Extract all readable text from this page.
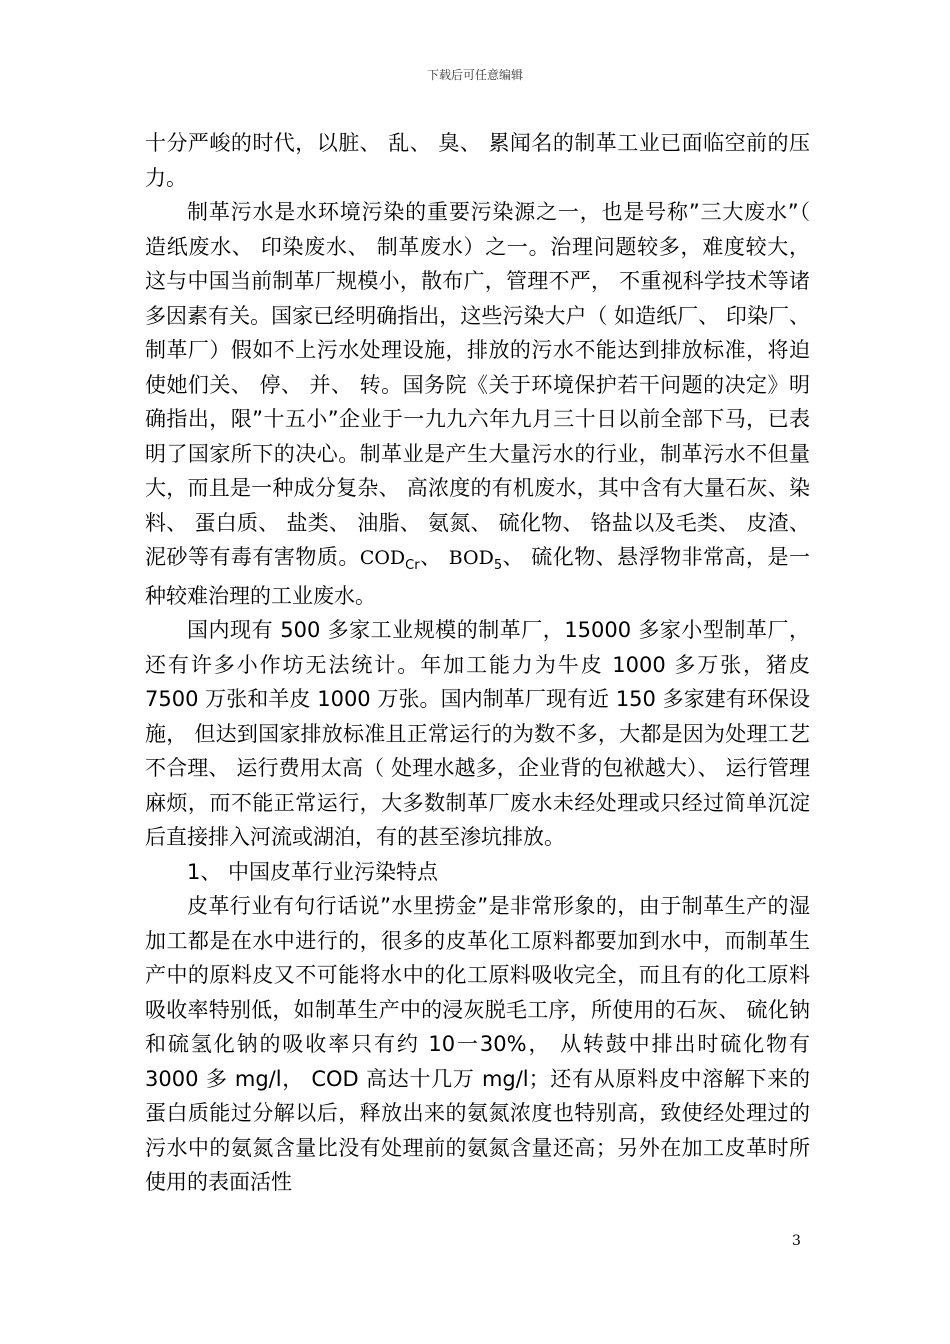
下载后可任意编辑

十分严峻的时代，以脏、 乱、 臭、 累闻名的制革工业已面临空前的压力。

制革污水是水环境污染的重要污染源之一，也是号称”三大废水”（ 造纸废水、 印染废水、 制革废水）之一。治理问题较多，难度较大， 这与中国当前制革厂规模小，散布广，管理不严， 不重视科学技术等诸多因素有关。国家已经明确指出，这些污染大户（ 如造纸厂、 印染厂、 制革厂）假如不上污水处理设施，排放的污水不能达到排放标准，将迫使她们关、 停、 并、 转。国务院《关于环境保护若干问题的决定》明确指出，限”十五小”企业于一九九六年九月三十日以前全部下马，已表明了国家所下的决心。制革业是产生大量污水的行业，制革污水不但量大，而且是一种成分复杂、 高浓度的有机废水，其中含有大量石灰、染料、 蛋白质、 盐类、 油脂、 氨氮、 硫化物、 铬盐以及毛类、 皮渣、 泥砂等有毒有害物质。$COD_{Cr}$、 $BOD_5$、 硫化物、悬浮物非常高，是一种较难治理的工业废水。

国内现有 500 多家工业规模的制革厂，15000 多家小型制革厂， 还有许多小作坊无法统计。年加工能力为牛皮 1000 多万张，猪皮 7500 万张和羊皮 1000 万张。国内制革厂现有近 150 多家建有环保设施， 但达到国家排放标准且正常运行的为数不多，大都是因为处理工艺不合理、 运行费用太高（ 处理水越多，企业背的包袱越大）、 运行管理麻烦，而不能正常运行，大多数制革厂废水未经处理或只经过简单沉淀后直接排入河流或湖泊，有的甚至渗坑排放。

1、 中国皮革行业污染特点

皮革行业有句行话说”水里捞金”是非常形象的，由于制革生产的湿加工都是在水中进行的，很多的皮革化工原料都要加到水中，而制革生产中的原料皮又不可能将水中的化工原料吸收完全，而且有的化工原料吸收率特别低，如制革生产中的浸灰脱毛工序，所使用的石灰、 硫化钠和硫氢化钠的吸收率只有约 10一30%， 从转鼓中排出时硫化物有 3000 多 mg/l， COD 高达十几万 mg/l；还有从原料皮中溶解下来的蛋白质能过分解以后，释放出来的氨氮浓度也特别高，致使经处理过的污水中的氨氮含量比没有处理前的氨氮含量还高；另外在加工皮革时所使用的表面活性

3
